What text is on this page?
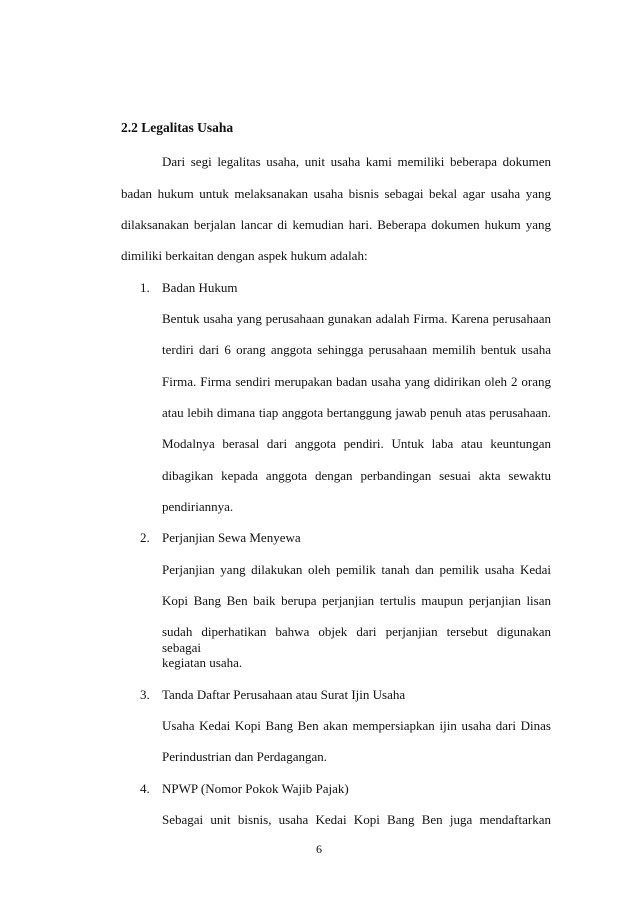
2.2 Legalitas Usaha
Dari segi legalitas usaha, unit usaha kami memiliki beberapa dokumen
badan hukum untuk melaksanakan usaha bisnis sebagai bekal agar usaha yang
dilaksanakan berjalan lancar di kemudian hari. Beberapa dokumen hukum yang
dimiliki berkaitan dengan aspek hukum adalah:
1. Badan Hukum
Bentuk usaha yang perusahaan gunakan adalah Firma. Karena perusahaan
terdiri dari 6 orang anggota sehingga perusahaan memilih bentuk usaha
Firma. Firma sendiri merupakan badan usaha yang didirikan oleh 2 orang
atau lebih dimana tiap anggota bertanggung jawab penuh atas perusahaan.
Modalnya berasal dari anggota pendiri. Untuk laba atau keuntungan
dibagikan kepada anggota dengan perbandingan sesuai akta sewaktu
pendiriannya.
2. Perjanjian Sewa Menyewa
Perjanjian yang dilakukan oleh pemilik tanah dan pemilik usaha Kedai
Kopi Bang Ben baik berupa perjanjian tertulis maupun perjanjian lisan
sudah diperhatikan bahwa objek dari perjanjian tersebut digunakan sebagai
kegiatan usaha.
3. Tanda Daftar Perusahaan atau Surat Ijin Usaha
Usaha Kedai Kopi Bang Ben akan mempersiapkan ijin usaha dari Dinas
Perindustrian dan Perdagangan.
4. NPWP (Nomor Pokok Wajib Pajak)
Sebagai unit bisnis, usaha Kedai Kopi Bang Ben juga mendaftarkan
6
